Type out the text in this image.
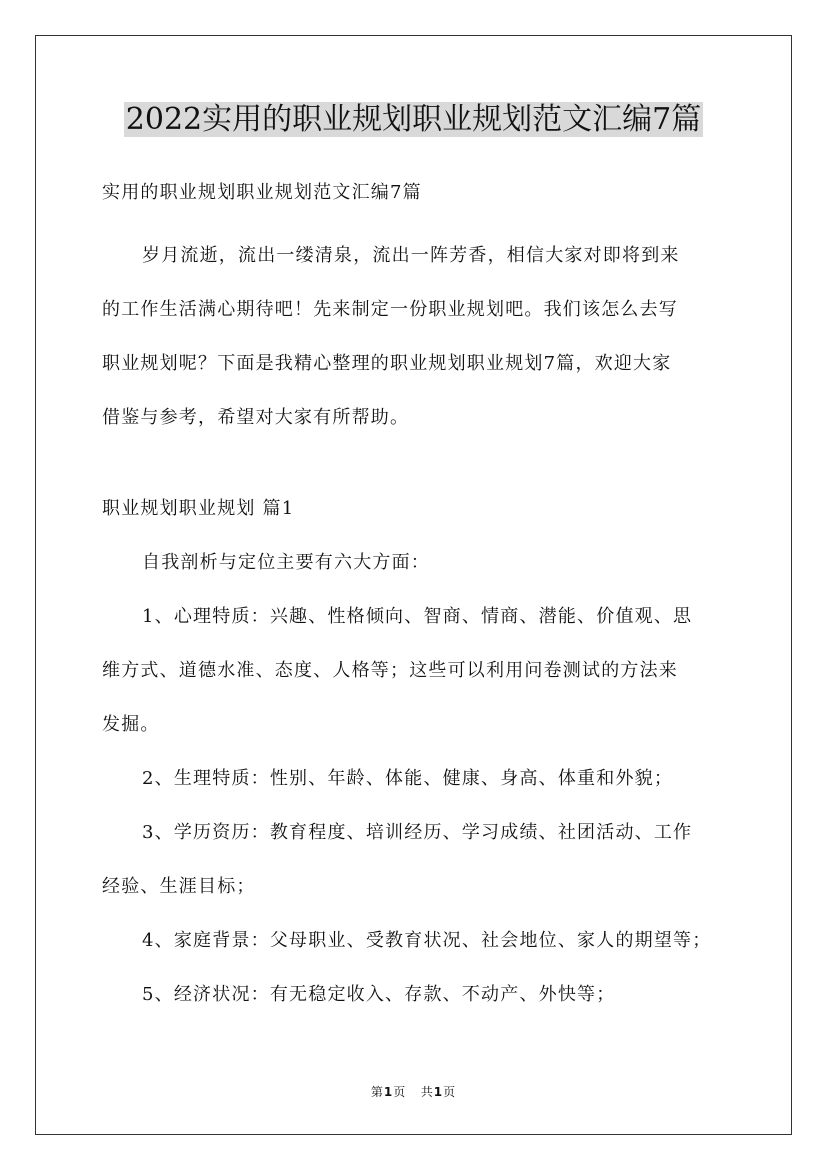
2022实用的职业规划职业规划范文汇编7篇
实用的职业规划职业规划范文汇编7篇

岁月流逝，流出一缕清泉，流出一阵芳香，相信大家对即将到来
的工作生活满心期待吧！先来制定一份职业规划吧。我们该怎么去写
职业规划呢？下面是我精心整理的职业规划职业规划7篇，欢迎大家
借鉴与参考，希望对大家有所帮助。

职业规划职业规划 篇1

自我剖析与定位主要有六大方面：

1、心理特质：兴趣、性格倾向、智商、情商、潜能、价值观、思
维方式、道德水准、态度、人格等；这些可以利用问卷测试的方法来
发掘。

2、生理特质：性别、年龄、体能、健康、身高、体重和外貌；

3、学历资历：教育程度、培训经历、学习成绩、社团活动、工作
经验、生涯目标；

4、家庭背景：父母职业、受教育状况、社会地位、家人的期望等；

5、经济状况：有无稳定收入、存款、不动产、外快等；

第1页 共1页
